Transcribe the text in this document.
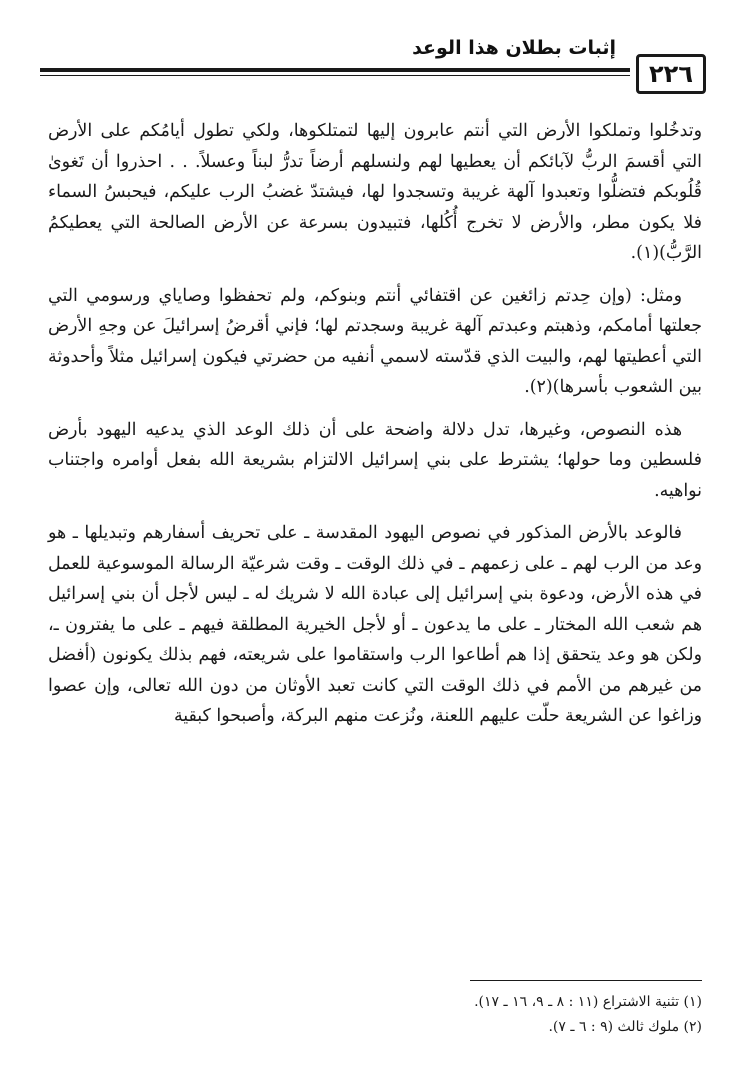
٢٢٦
إثبات بطلان هذا الوعد

وتدخُلوا وتملكوا الأرض التي أنتم عابرون إليها لتمتلكوها، ولكي تطول أيامُكم على الأرض التي أقسمَ الربُّ لآبائكم أن يعطيها لهم ولنسلهم أرضاً تدرُّ لبناً وعسلاً. . . احذروا أن تَغوىٰ قُلُوبكم فتضلُّوا وتعبدوا آلهة غريبة وتسجدوا لها، فيشتدّ غضبُ الرب عليكم، فيحبسُ السماء فلا يكون مطر، والأرض لا تخرج أُكُلها، فتبيدون بسرعة عن الأرض الصالحة التي يعطيكمُ الرَّبُّ)(١).

ومثل: (وإن حِدتم زائغين عن اقتفائي أنتم وبنوكم، ولم تحفظوا وصاياي ورسومي التي جعلتها أمامكم، وذهبتم وعبدتم آلهة غريبة وسجدتم لها؛ فإني أقرضُ إسرائيلَ عن وجهِ الأرض التي أعطيتها لهم، والبيت الذي قدّسته لاسمي أنفيه من حضرتي فيكون إسرائيل مثلاً وأحدوثة بين الشعوب بأسرها)(٢).

هذه النصوص، وغيرها، تدل دلالة واضحة على أن ذلك الوعد الذي يدعيه اليهود بأرض فلسطين وما حولها؛ يشترط على بني إسرائيل الالتزام بشريعة الله بفعل أوامره واجتناب نواهيه.

فالوعد بالأرض المذكور في نصوص اليهود المقدسة ـ على تحريف أسفارهم وتبديلها ـ هو وعد من الرب لهم ـ على زعمهم ـ في ذلك الوقت ـ وقت شرعيّة الرسالة الموسوعية للعمل في هذه الأرض، ودعوة بني إسرائيل إلى عبادة الله لا شريك له ـ ليس لأجل أن بني إسرائيل هم شعب الله المختار ـ على ما يدعون ـ أو لأجل الخيرية المطلقة فيهم ـ على ما يفترون ـ، ولكن هو وعد يتحقق إذا هم أطاعوا الرب واستقاموا على شريعته، فهم بذلك يكونون (أفضل من غيرهم من الأمم في ذلك الوقت التي كانت تعبد الأوثان من دون الله تعالى، وإن عصوا وزاغوا عن الشريعة حلّت عليهم اللعنة، ونُزعت منهم البركة، وأصبحوا كبقية

(١) تثنية الاشتراع (١١ : ٨ ـ ٩، ١٦ ـ ١٧).
(٢) ملوك ثالث (٩ : ٦ ـ ٧).
